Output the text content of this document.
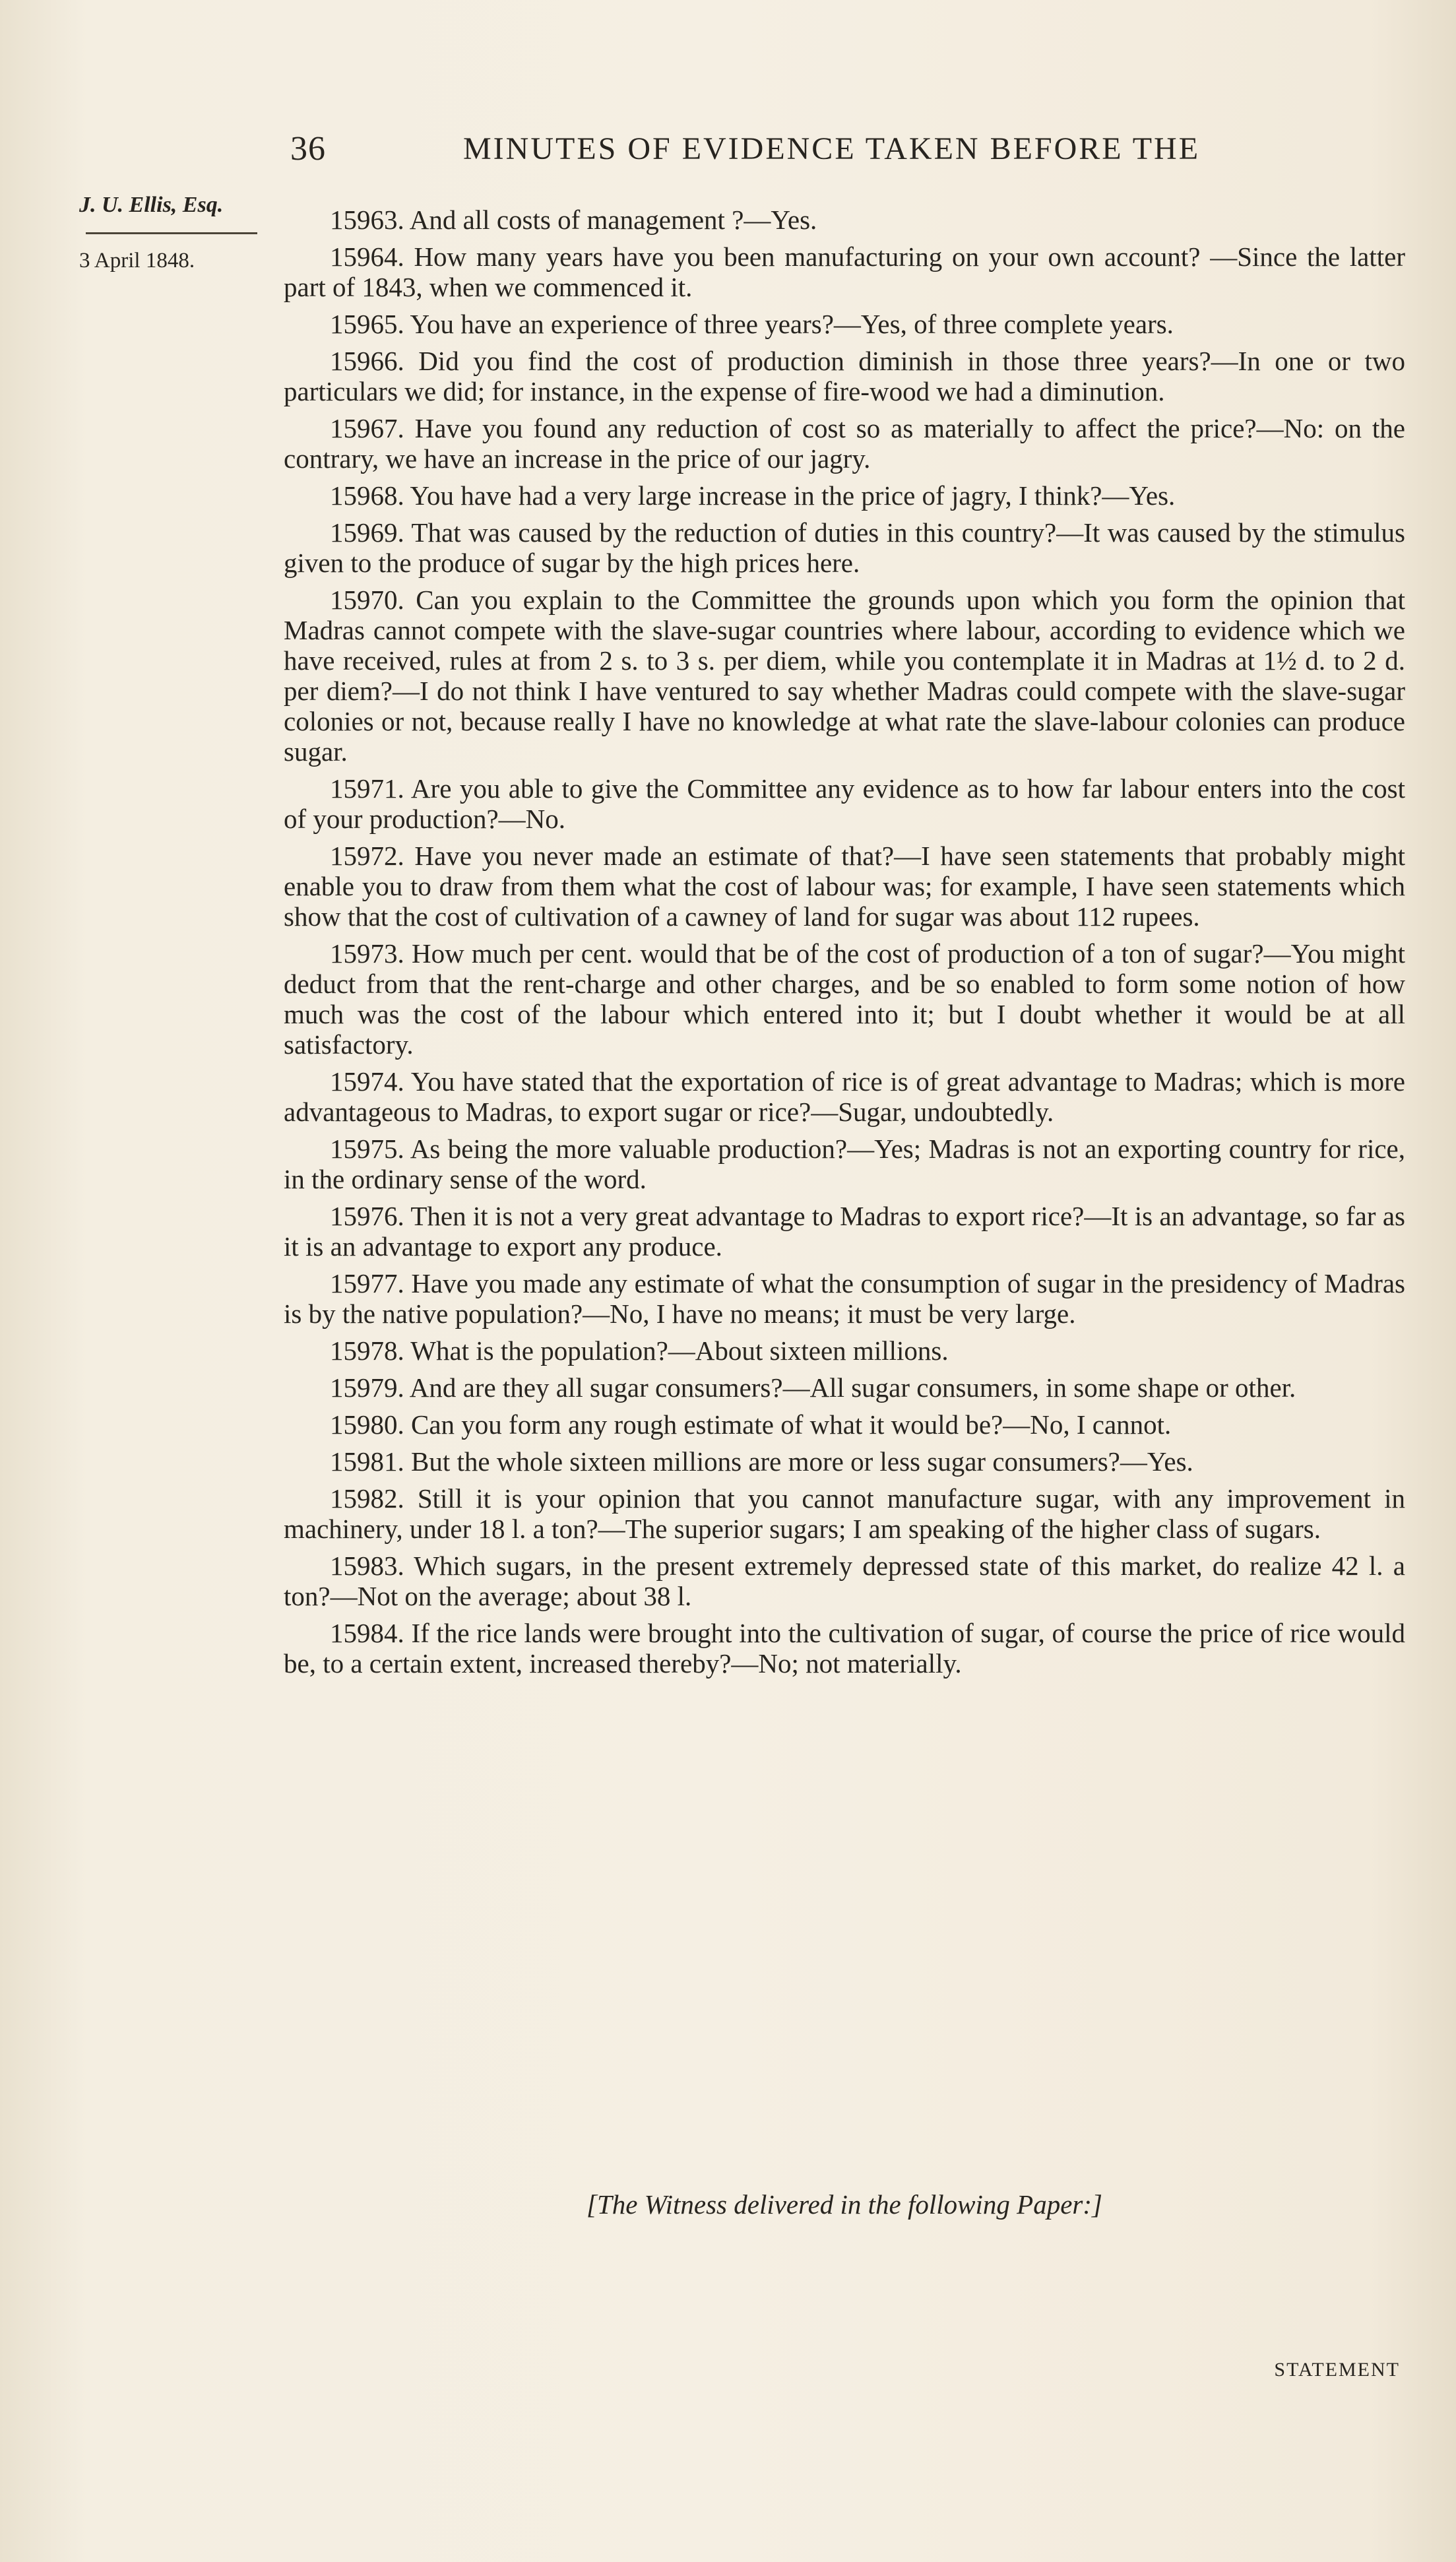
36	MINUTES OF EVIDENCE TAKEN BEFORE THE
J. U. Ellis, Esq.
3 April 1848.

15963. And all costs of management ?—Yes.

15964. How many years have you been manufacturing on your own account? —Since the latter part of 1843, when we commenced it.

15965. You have an experience of three years?—Yes, of three complete years.

15966. Did you find the cost of production diminish in those three years?—In one or two particulars we did; for instance, in the expense of fire-wood we had a diminution.

15967. Have you found any reduction of cost so as materially to affect the price?—No: on the contrary, we have an increase in the price of our jagry.

15968. You have had a very large increase in the price of jagry, I think?—Yes.

15969. That was caused by the reduction of duties in this country?—It was caused by the stimulus given to the produce of sugar by the high prices here.

15970. Can you explain to the Committee the grounds upon which you form the opinion that Madras cannot compete with the slave-sugar countries where labour, according to evidence which we have received, rules at from 2 s. to 3 s. per diem, while you contemplate it in Madras at 1½ d. to 2 d. per diem?—I do not think I have ventured to say whether Madras could compete with the slave-sugar colonies or not, because really I have no knowledge at what rate the slave-labour colonies can produce sugar.

15971. Are you able to give the Committee any evidence as to how far labour enters into the cost of your production?—No.

15972. Have you never made an estimate of that?—I have seen statements that probably might enable you to draw from them what the cost of labour was; for example, I have seen statements which show that the cost of cultivation of a cawney of land for sugar was about 112 rupees.

15973. How much per cent. would that be of the cost of production of a ton of sugar?—You might deduct from that the rent-charge and other charges, and be so enabled to form some notion of how much was the cost of the labour which entered into it; but I doubt whether it would be at all satisfactory.

15974. You have stated that the exportation of rice is of great advantage to Madras; which is more advantageous to Madras, to export sugar or rice?—Sugar, undoubtedly.

15975. As being the more valuable production?—Yes; Madras is not an exporting country for rice, in the ordinary sense of the word.

15976. Then it is not a very great advantage to Madras to export rice?—It is an advantage, so far as it is an advantage to export any produce.

15977. Have you made any estimate of what the consumption of sugar in the presidency of Madras is by the native population?—No, I have no means; it must be very large.

15978. What is the population?—About sixteen millions.

15979. And are they all sugar consumers?—All sugar consumers, in some shape or other.

15980. Can you form any rough estimate of what it would be?—No, I cannot.

15981. But the whole sixteen millions are more or less sugar consumers?—Yes.

15982. Still it is your opinion that you cannot manufacture sugar, with any improvement in machinery, under 18 l. a ton?—The superior sugars; I am speaking of the higher class of sugars.

15983. Which sugars, in the present extremely depressed state of this market, do realize 42 l. a ton?—Not on the average; about 38 l.

15984. If the rice lands were brought into the cultivation of sugar, of course the price of rice would be, to a certain extent, increased thereby?—No; not materially.

[The Witness delivered in the following Paper:]
STATEMENT
